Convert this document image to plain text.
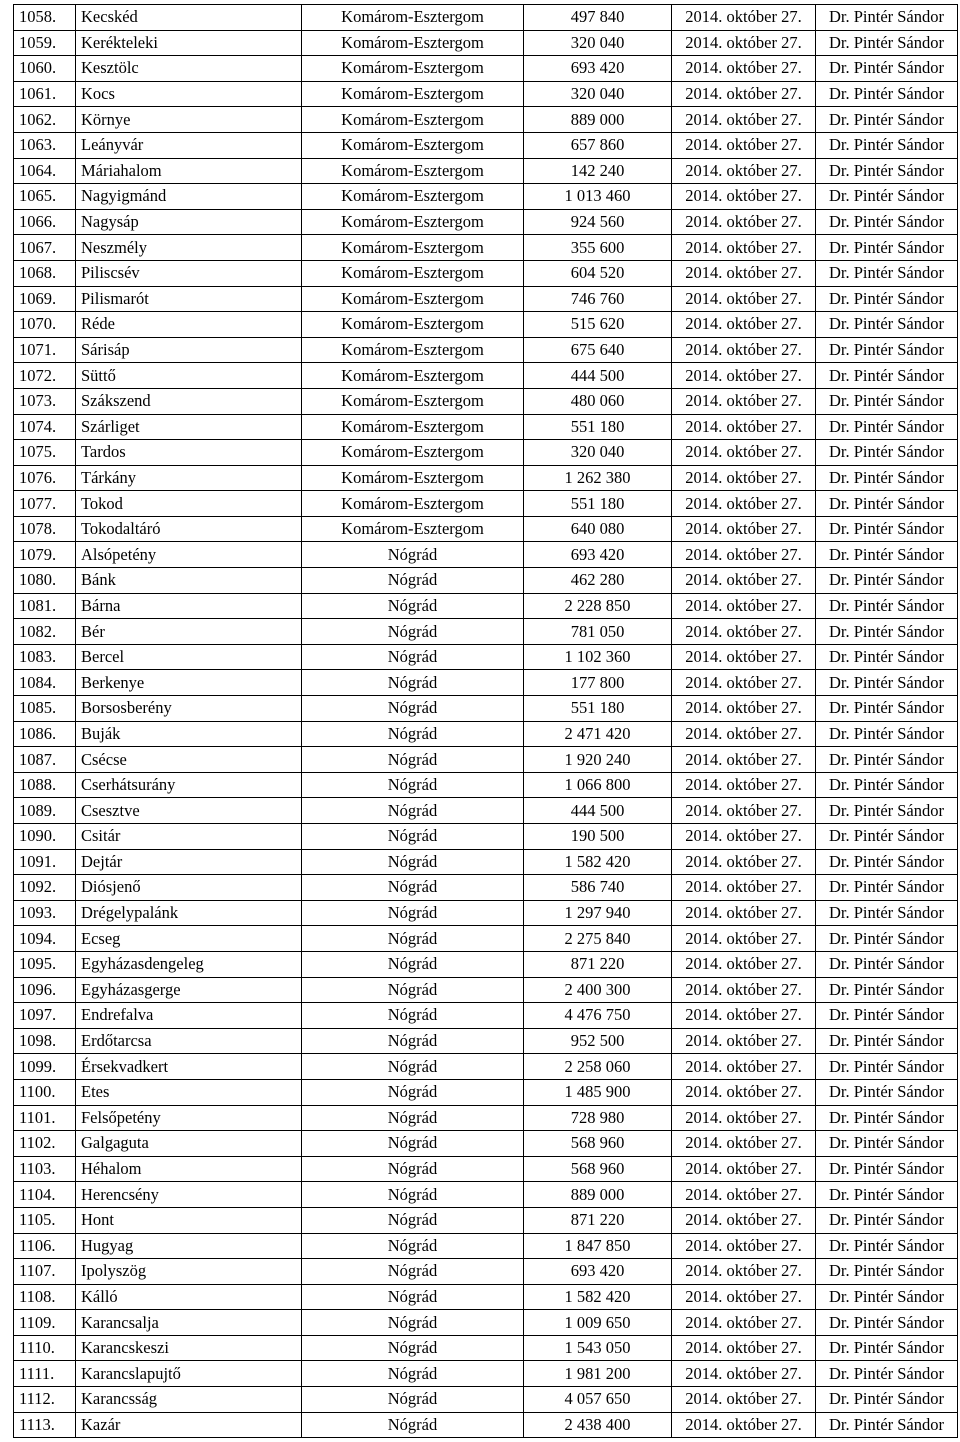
1058.	Kecskéd	Komárom-Esztergom	497 840	2014. október 27.	Dr. Pintér Sándor
1059.	Kerékteleki	Komárom-Esztergom	320 040	2014. október 27.	Dr. Pintér Sándor
1060.	Kesztölc	Komárom-Esztergom	693 420	2014. október 27.	Dr. Pintér Sándor
1061.	Kocs	Komárom-Esztergom	320 040	2014. október 27.	Dr. Pintér Sándor
1062.	Környe	Komárom-Esztergom	889 000	2014. október 27.	Dr. Pintér Sándor
1063.	Leányvár	Komárom-Esztergom	657 860	2014. október 27.	Dr. Pintér Sándor
1064.	Máriahalom	Komárom-Esztergom	142 240	2014. október 27.	Dr. Pintér Sándor
1065.	Nagyigmánd	Komárom-Esztergom	1 013 460	2014. október 27.	Dr. Pintér Sándor
1066.	Nagysáp	Komárom-Esztergom	924 560	2014. október 27.	Dr. Pintér Sándor
1067.	Neszmély	Komárom-Esztergom	355 600	2014. október 27.	Dr. Pintér Sándor
1068.	Piliscsév	Komárom-Esztergom	604 520	2014. október 27.	Dr. Pintér Sándor
1069.	Pilismarót	Komárom-Esztergom	746 760	2014. október 27.	Dr. Pintér Sándor
1070.	Réde	Komárom-Esztergom	515 620	2014. október 27.	Dr. Pintér Sándor
1071.	Sárisáp	Komárom-Esztergom	675 640	2014. október 27.	Dr. Pintér Sándor
1072.	Süttő	Komárom-Esztergom	444 500	2014. október 27.	Dr. Pintér Sándor
1073.	Szákszend	Komárom-Esztergom	480 060	2014. október 27.	Dr. Pintér Sándor
1074.	Szárliget	Komárom-Esztergom	551 180	2014. október 27.	Dr. Pintér Sándor
1075.	Tardos	Komárom-Esztergom	320 040	2014. október 27.	Dr. Pintér Sándor
1076.	Tárkány	Komárom-Esztergom	1 262 380	2014. október 27.	Dr. Pintér Sándor
1077.	Tokod	Komárom-Esztergom	551 180	2014. október 27.	Dr. Pintér Sándor
1078.	Tokodaltáró	Komárom-Esztergom	640 080	2014. október 27.	Dr. Pintér Sándor
1079.	Alsópetény	Nógrád	693 420	2014. október 27.	Dr. Pintér Sándor
1080.	Bánk	Nógrád	462 280	2014. október 27.	Dr. Pintér Sándor
1081.	Bárna	Nógrád	2 228 850	2014. október 27.	Dr. Pintér Sándor
1082.	Bér	Nógrád	781 050	2014. október 27.	Dr. Pintér Sándor
1083.	Bercel	Nógrád	1 102 360	2014. október 27.	Dr. Pintér Sándor
1084.	Berkenye	Nógrád	177 800	2014. október 27.	Dr. Pintér Sándor
1085.	Borsosberény	Nógrád	551 180	2014. október 27.	Dr. Pintér Sándor
1086.	Buják	Nógrád	2 471 420	2014. október 27.	Dr. Pintér Sándor
1087.	Csécse	Nógrád	1 920 240	2014. október 27.	Dr. Pintér Sándor
1088.	Cserhátsurány	Nógrád	1 066 800	2014. október 27.	Dr. Pintér Sándor
1089.	Csesztve	Nógrád	444 500	2014. október 27.	Dr. Pintér Sándor
1090.	Csitár	Nógrád	190 500	2014. október 27.	Dr. Pintér Sándor
1091.	Dejtár	Nógrád	1 582 420	2014. október 27.	Dr. Pintér Sándor
1092.	Diósjenő	Nógrád	586 740	2014. október 27.	Dr. Pintér Sándor
1093.	Drégelypalánk	Nógrád	1 297 940	2014. október 27.	Dr. Pintér Sándor
1094.	Ecseg	Nógrád	2 275 840	2014. október 27.	Dr. Pintér Sándor
1095.	Egyházasdengeleg	Nógrád	871 220	2014. október 27.	Dr. Pintér Sándor
1096.	Egyházasgerge	Nógrád	2 400 300	2014. október 27.	Dr. Pintér Sándor
1097.	Endrefalva	Nógrád	4 476 750	2014. október 27.	Dr. Pintér Sándor
1098.	Erdőtarcsa	Nógrád	952 500	2014. október 27.	Dr. Pintér Sándor
1099.	Érsekvadkert	Nógrád	2 258 060	2014. október 27.	Dr. Pintér Sándor
1100.	Etes	Nógrád	1 485 900	2014. október 27.	Dr. Pintér Sándor
1101.	Felsőpetény	Nógrád	728 980	2014. október 27.	Dr. Pintér Sándor
1102.	Galgaguta	Nógrád	568 960	2014. október 27.	Dr. Pintér Sándor
1103.	Héhalom	Nógrád	568 960	2014. október 27.	Dr. Pintér Sándor
1104.	Herencsény	Nógrád	889 000	2014. október 27.	Dr. Pintér Sándor
1105.	Hont	Nógrád	871 220	2014. október 27.	Dr. Pintér Sándor
1106.	Hugyag	Nógrád	1 847 850	2014. október 27.	Dr. Pintér Sándor
1107.	Ipolyszög	Nógrád	693 420	2014. október 27.	Dr. Pintér Sándor
1108.	Kálló	Nógrád	1 582 420	2014. október 27.	Dr. Pintér Sándor
1109.	Karancsalja	Nógrád	1 009 650	2014. október 27.	Dr. Pintér Sándor
1110.	Karancskeszi	Nógrád	1 543 050	2014. október 27.	Dr. Pintér Sándor
1111.	Karancslapujtő	Nógrád	1 981 200	2014. október 27.	Dr. Pintér Sándor
1112.	Karancsság	Nógrád	4 057 650	2014. október 27.	Dr. Pintér Sándor
1113.	Kazár	Nógrád	2 438 400	2014. október 27.	Dr. Pintér Sándor
